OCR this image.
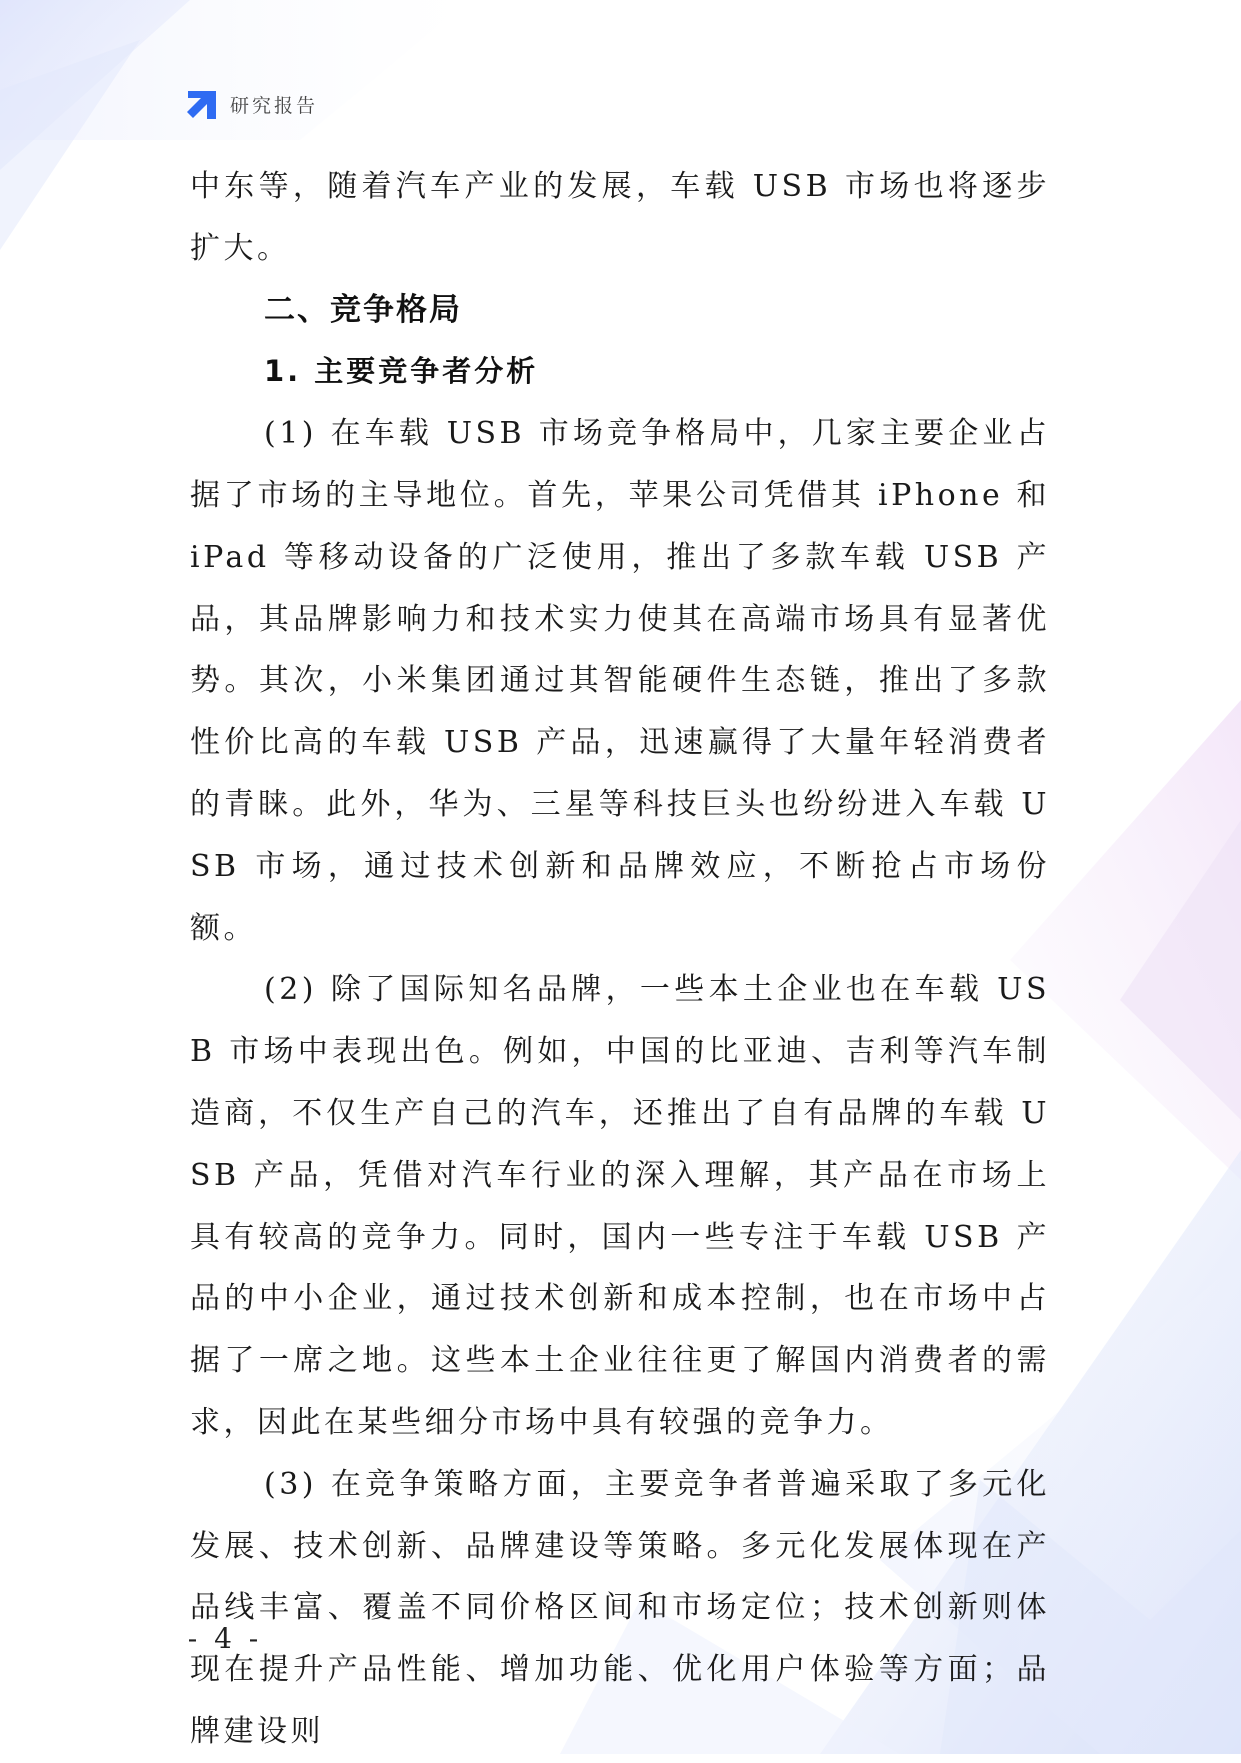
研究报告

中东等，随着汽车产业的发展，车载 USB 市场也将逐步扩大。

二、竞争格局
1. 主要竞争者分析

(1) 在车载 USB 市场竞争格局中，几家主要企业占据了市场的主导地位。首先，苹果公司凭借其 iPhone 和 iPad 等移动设备的广泛使用，推出了多款车载 USB 产品，其品牌影响力和技术实力使其在高端市场具有显著优势。其次，小米集团通过其智能硬件生态链，推出了多款性价比高的车载 USB 产品，迅速赢得了大量年轻消费者的青睐。此外，华为、三星等科技巨头也纷纷进入车载 USB 市场，通过技术创新和品牌效应，不断抢占市场份额。

(2) 除了国际知名品牌，一些本土企业也在车载 USB 市场中表现出色。例如，中国的比亚迪、吉利等汽车制造商，不仅生产自己的汽车，还推出了自有品牌的车载 USB 产品，凭借对汽车行业的深入理解，其产品在市场上具有较高的竞争力。同时，国内一些专注于车载 USB 产品的中小企业，通过技术创新和成本控制，也在市场中占据了一席之地。这些本土企业往往更了解国内消费者的需求，因此在某些细分市场中具有较强的竞争力。

(3) 在竞争策略方面，主要竞争者普遍采取了多元化发展、技术创新、品牌建设等策略。多元化发展体现在产品线丰富、覆盖不同价格区间和市场定位；技术创新则体现在提升产品性能、增加功能、优化用户体验等方面；品牌建设则

- 4 -
